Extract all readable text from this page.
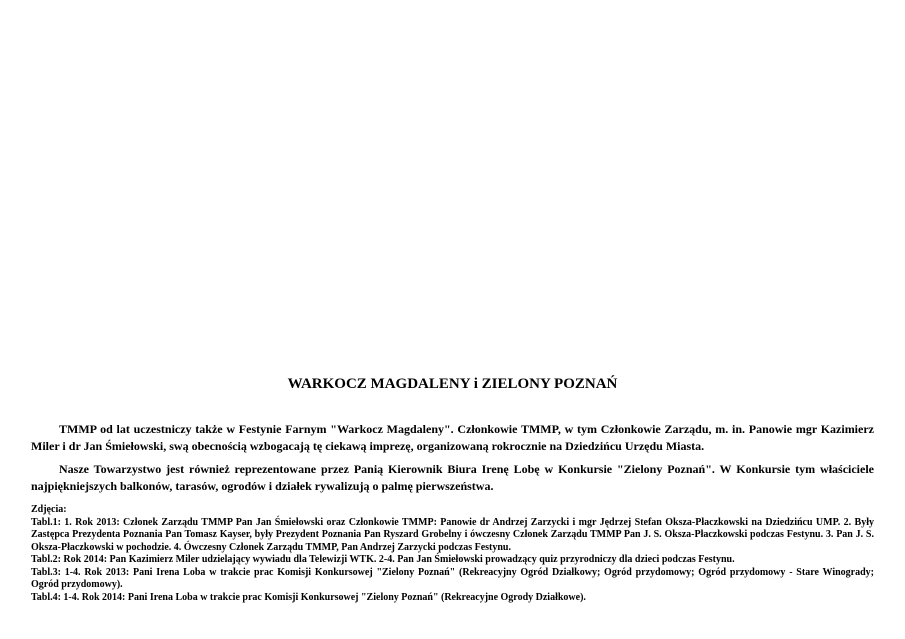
WARKOCZ MAGDALENY i ZIELONY POZNAŃ

TMMP od lat uczestniczy także w Festynie Farnym "Warkocz Magdaleny". Członkowie TMMP, w tym Członkowie Zarządu, m. in. Panowie mgr Kazimierz Miler i dr Jan Śmiełowski, swą obecnością wzbogacają tę ciekawą imprezę, organizowaną rokrocznie na Dziedzińcu Urzędu Miasta.

Nasze Towarzystwo jest również reprezentowane przez Panią Kierownik Biura Irenę Lobę w Konkursie "Zielony Poznań". W Konkursie tym właściciele najpiękniejszych balkonów, tarasów, ogrodów i działek rywalizują o palmę pierwszeństwa.

Zdjęcia:
Tabl.1: 1. Rok 2013: Członek Zarządu TMMP Pan Jan Śmiełowski oraz Członkowie TMMP: Panowie dr Andrzej Zarzycki i mgr Jędrzej Stefan Oksza-Płaczkowski na Dziedzińcu UMP. 2. Były Zastępca Prezydenta Poznania Pan Tomasz Kayser, były Prezydent Poznania Pan Ryszard Grobelny i ówczesny Członek Zarządu TMMP Pan J. S. Oksza-Płaczkowski podczas Festynu. 3. Pan J. S. Oksza-Płaczkowski w pochodzie. 4. Ówczesny Członek Zarządu TMMP, Pan Andrzej Zarzycki podczas Festynu.
Tabl.2: Rok 2014: Pan Kazimierz Miler udzielający wywiadu dla Telewizji WTK. 2-4. Pan Jan Śmiełowski prowadzący quiz przyrodniczy dla dzieci podczas Festynu.
Tabl.3: 1-4. Rok 2013: Pani Irena Loba w trakcie prac Komisji Konkursowej "Zielony Poznań" (Rekreacyjny Ogród Działkowy; Ogród przydomowy; Ogród przydomowy - Stare Winogrady; Ogród przydomowy).
Tabl.4: 1-4. Rok 2014: Pani Irena Loba w trakcie prac Komisji Konkursowej "Zielony Poznań" (Rekreacyjne Ogrody Działkowe).
